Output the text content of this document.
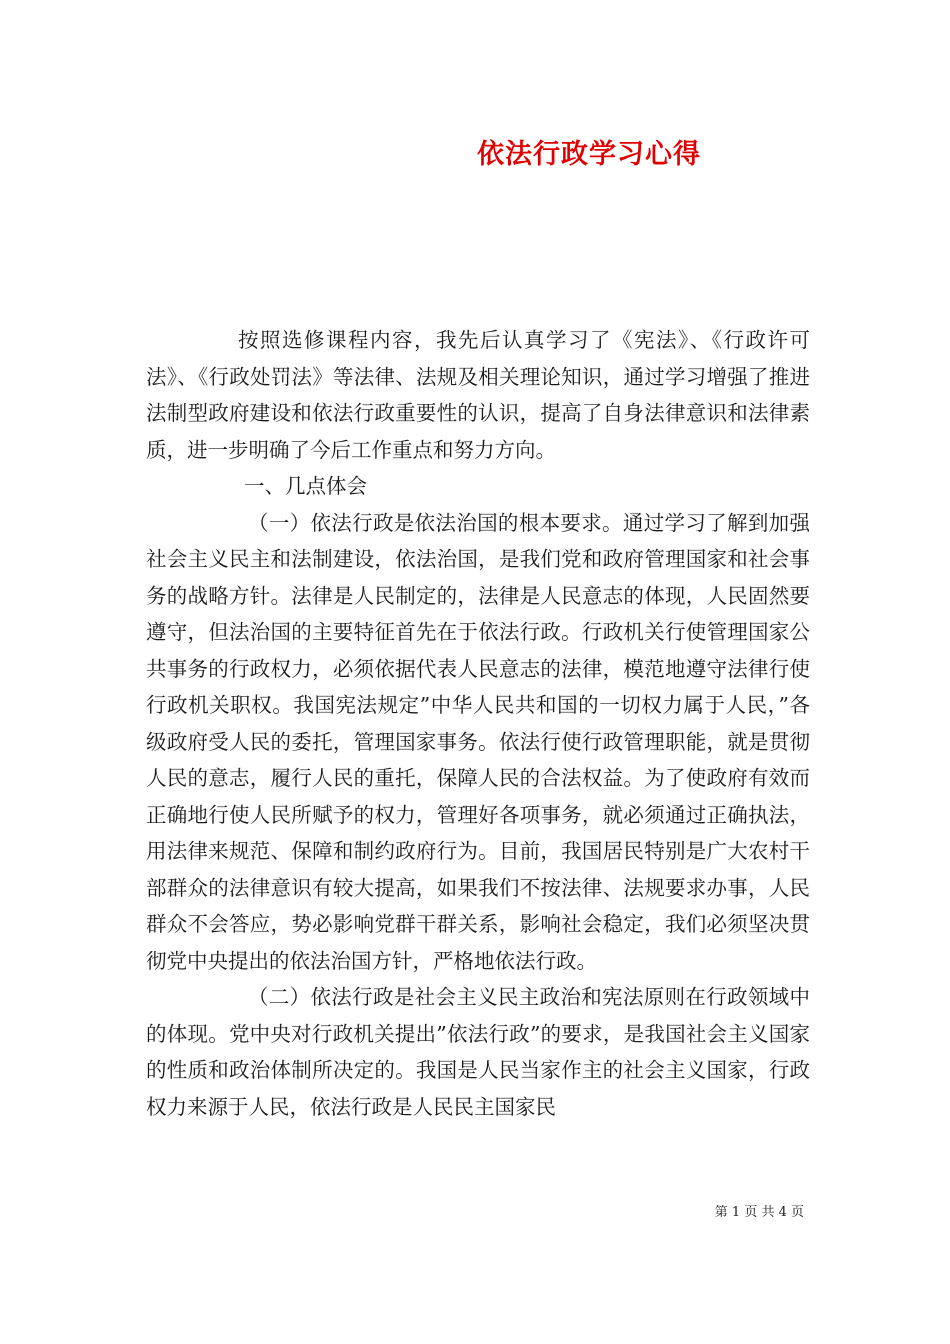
依法行政学习心得

按照选修课程内容，我先后认真学习了《宪法》、《行政许可法》、《行政处罚法》等法律、法规及相关理论知识，通过学习增强了推进法制型政府建设和依法行政重要性的认识，提高了自身法律意识和法律素质，进一步明确了今后工作重点和努力方向。

一、几点体会

（一）依法行政是依法治国的根本要求。通过学习了解到加强社会主义民主和法制建设，依法治国，是我们党和政府管理国家和社会事务的战略方针。法律是人民制定的，法律是人民意志的体现，人民固然要遵守，但法治国的主要特征首先在于依法行政。行政机关行使管理国家公共事务的行政权力，必须依据代表人民意志的法律，模范地遵守法律行使行政机关职权。我国宪法规定”中华人民共和国的一切权力属于人民，”各级政府受人民的委托，管理国家事务。依法行使行政管理职能，就是贯彻人民的意志，履行人民的重托，保障人民的合法权益。为了使政府有效而正确地行使人民所赋予的权力，管理好各项事务，就必须通过正确执法，用法律来规范、保障和制约政府行为。目前，我国居民特别是广大农村干部群众的法律意识有较大提高，如果我们不按法律、法规要求办事，人民群众不会答应，势必影响党群干群关系，影响社会稳定，我们必须坚决贯彻党中央提出的依法治国方针，严格地依法行政。

（二）依法行政是社会主义民主政治和宪法原则在行政领域中的体现。党中央对行政机关提出”依法行政”的要求，是我国社会主义国家的性质和政治体制所决定的。我国是人民当家作主的社会主义国家，行政权力来源于人民，依法行政是人民民主国家民

第 1 页 共 4 页
